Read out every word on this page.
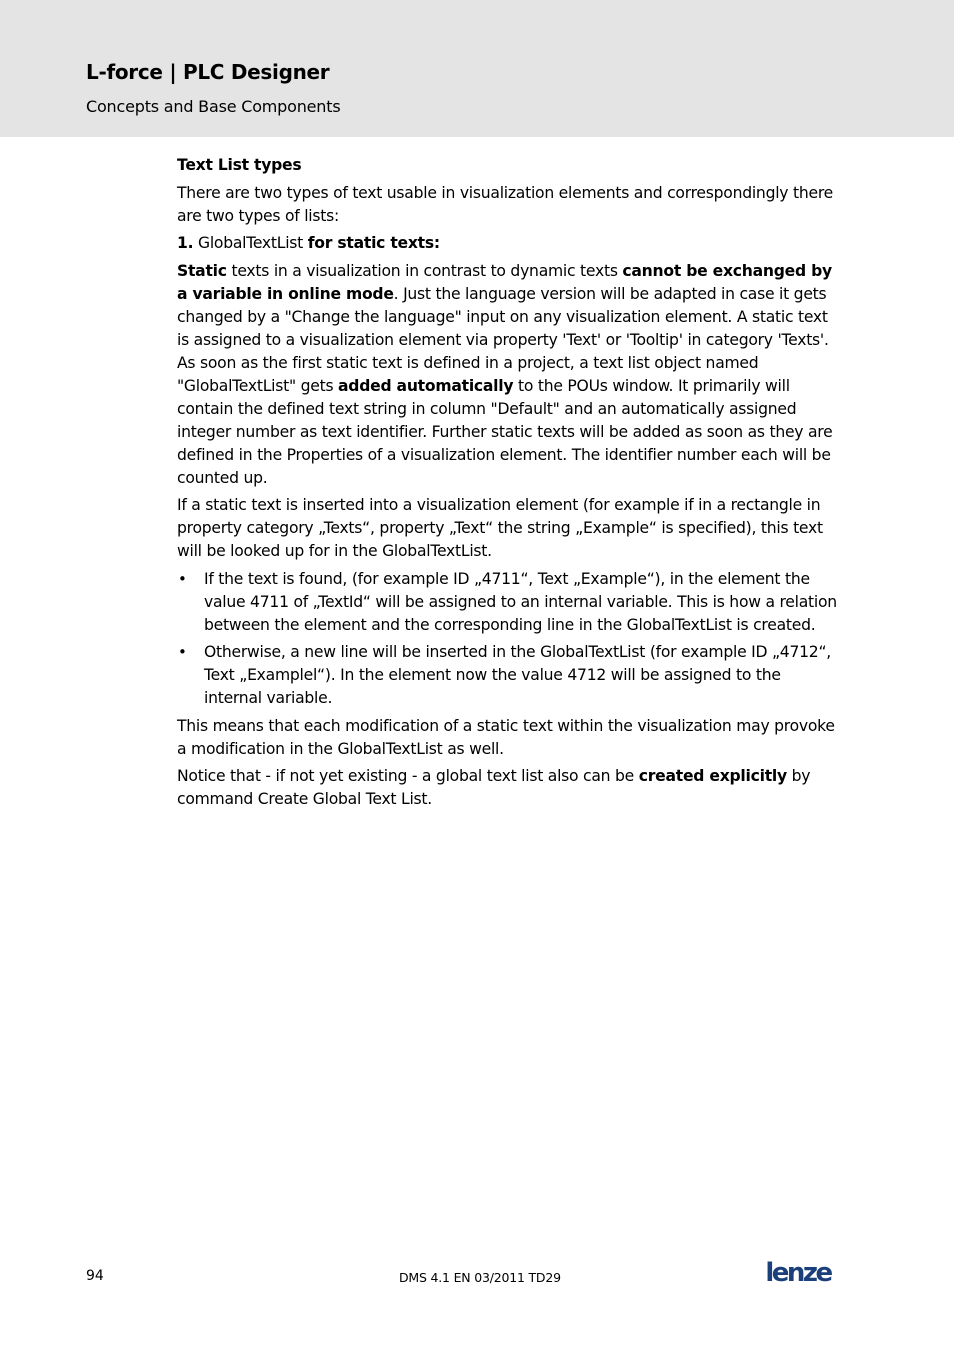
L-force | PLC Designer
Concepts and Base Components
Text List types

There are two types of text usable in visualization elements and correspondingly there are two types of lists:

1. GlobalTextList for static texts:

Static texts in a visualization in contrast to dynamic texts cannot be exchanged by a variable in online mode. Just the language version will be adapted in case it gets changed by a "Change the language" input on any visualization element. A static text is assigned to a visualization element via property 'Text' or 'Tooltip' in category 'Texts'. As soon as the first static text is defined in a project, a text list object named "GlobalTextList" gets added automatically to the POUs window. It primarily will contain the defined text string in column "Default" and an automatically assigned integer number as text identifier. Further static texts will be added as soon as they are defined in the Properties of a visualization element. The identifier number each will be counted up.

If a static text is inserted into a visualization element (for example if in a rectangle in property category „Texts“, property „Text“ the string „Example“ is specified), this text will be looked up for in the GlobalTextList.

• If the text is found, (for example ID „4711“, Text „Example“), in the element the value 4711 of „TextId“ will be assigned to an internal variable. This is how a relation between the element and the corresponding line in the GlobalTextList is created.
• Otherwise, a new line will be inserted in the GlobalTextList (for example ID „4712“, Text „Examplel“). In the element now the value 4712 will be assigned to the internal variable.

This means that each modification of a static text within the visualization may provoke a modification in the GlobalTextList as well.

Notice that - if not yet existing - a global text list also can be created explicitly by command Create Global Text List.

94	DMS 4.1 EN 03/2011 TD29	lenze
